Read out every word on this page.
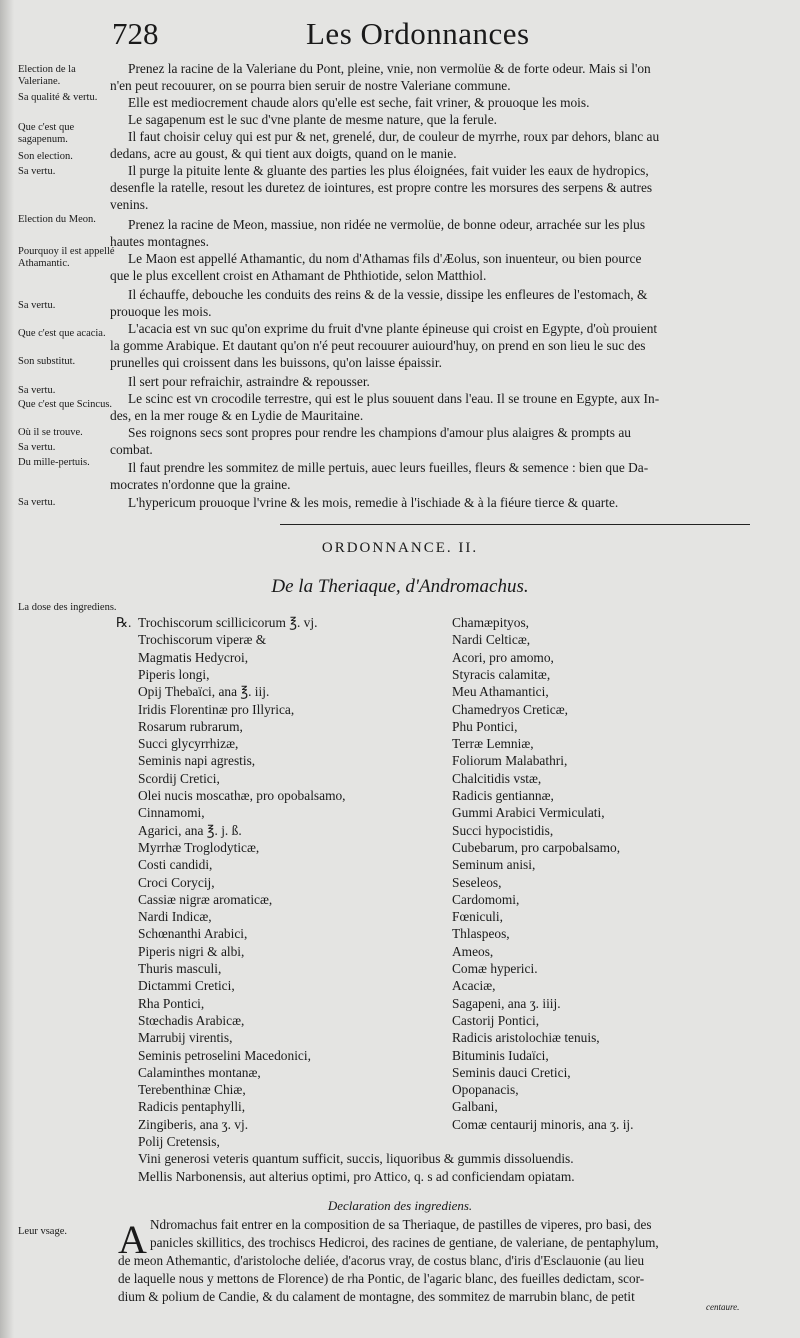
728	Les Ordonnances
Election de la Valeriane.
Sa qualité & vertu.
Que c'est que sagapenum.
Son election.
Sa vertu.
Election du Meon.
Pourquoy il est appellé Athamantic.
Sa vertu.
Que c'est que acacia.
Son substitut.
Sa vertu.
Que c'est que Scincus.
Où il se trouve.
Sa vertu.
Du mille-pertuis.
Sa vertu.
La dose des ingrediens.
Leur vsage.
Prenez la racine de la Valeriane du Pont, pleine, vnie, non vermolüe & de forte odeur. Mais si l'on
n'en peut recouurer, on se pourra bien seruir de nostre Valeriane commune.
Elle est mediocrement chaude alors qu'elle est seche, fait vriner, & prouoque les mois.
Le sagapenum est le suc d'vne plante de mesme nature, que la ferule.
Il faut choisir celuy qui est pur & net, grenelé, dur, de couleur de myrrhe, roux par dehors, blanc au
dedans, acre au goust, & qui tient aux doigts, quand on le manie.
Il purge la pituite lente & gluante des parties les plus éloignées, fait vuider les eaux de hydropics,
desenfle la ratelle, resout les duretez de iointures, est propre contre les morsures des serpens & autres
venins.
Prenez la racine de Meon, massiue, non ridée ne vermolüe, de bonne odeur, arrachée sur les plus
hautes montagnes.
Le Maon est appellé Athamantic, du nom d'Athamas fils d'Æolus, son inuenteur, ou bien pource
que le plus excellent croist en Athamant de Phthiotide, selon Matthiol.
Il échauffe, debouche les conduits des reins & de la vessie, dissipe les enfleures de l'estomach, &
prouoque les mois.
L'acacia est vn suc qu'on exprime du fruit d'vne plante épineuse qui croist en Egypte, d'où prouient
la gomme Arabique. Et dautant qu'on n'é peut recouurer auiourd'huy, on prend en son lieu le suc des
prunelles qui croissent dans les buissons, qu'on laisse épaissir.
Il sert pour refraichir, astraindre & repousser.
Le scinc est vn crocodile terrestre, qui est le plus souuent dans l'eau. Il se troune en Egypte, aux In-
des, en la mer rouge & en Lydie de Mauritaine.
Ses roignons secs sont propres pour rendre les champions d'amour plus alaigres & prompts au
combat.
Il faut prendre les sommitez de mille pertuis, auec leurs fueilles, fleurs & semence : bien que Da-
mocrates n'ordonne que la graine.
L'hypericum prouoque l'vrine & les mois, remedie à l'ischiade & à la fiéure tierce & quarte.
ORDONNANCE. II.
De la Theriaque, d'Andromachus.
℞. Trochiscorum scillicicorum ℥. vj.
Trochiscorum viperæ &
Magmatis Hedycroi,
Piperis longi,
Opij Thebaïci, ana ℥. iij.
Iridis Florentinæ pro Illyrica,
Rosarum rubrarum,
Succi glycyrrhizæ,
Seminis napi agrestis,
Scordij Cretici,
Olei nucis moscathæ, pro opobalsamo,
Cinnamomi,
Agarici, ana ℥. j. ß.
Myrrhæ Troglodyticæ,
Costi candidi,
Croci Corycij,
Cassiæ nigræ aromaticæ,
Nardi Indicæ,
Schœnanthi Arabici,
Piperis nigri & albi,
Thuris masculi,
Dictammi Cretici,
Rha Pontici,
Stœchadis Arabicæ,
Marrubij virentis,
Seminis petroselini Macedonici,
Calaminthes montanæ,
Terebenthinæ Chiæ,
Radicis pentaphylli,
Zingiberis, ana ʒ. vj.
Polij Cretensis,
Chamæpityos,
Nardi Celticæ,
Acori, pro amomo,
Styracis calamitæ,
Meu Athamantici,
Chamedryos Creticæ,
Phu Pontici,
Terræ Lemniæ,
Foliorum Malabathri,
Chalcitidis vstæ,
Radicis gentiannæ,
Gummi Arabici Vermiculati,
Succi hypocistidis,
Cubebarum, pro carpobalsamo,
Seminum anisi,
Seseleos,
Cardomomi,
Fœniculi,
Thlaspeos,
Ameos,
Comæ hyperici.
Acaciæ,
Sagapeni, ana ʒ. iiij.
Castorij Pontici,
Radicis aristolochiæ tenuis,
Bituminis Iudaïci,
Seminis dauci Cretici,
Opopanacis,
Galbani,
Comæ centaurij minoris, ana ʒ. ij.
Vini generosi veteris quantum sufficit, succis, liquoribus & gummis dissoluendis.
Mellis Narbonensis, aut alterius optimi, pro Attico, q. s ad conficiendam opiatam.
Declaration des ingrediens.
A Ndromachus fait entrer en la composition de sa Theriaque, de pastilles de viperes, pro basi, des
panicles skillitics, des trochiscs Hedicroi, des racines de gentiane, de valeriane, de pentaphylum,
de meon Athemantic, d'aristoloche deliée, d'acorus vray, de costus blanc, d'iris d'Esclauonie (au lieu
de laquelle nous y mettons de Florence) de rha Pontic, de l'agaric blanc, des fueilles dedictam, scor-
dium & polium de Candie, & du calament de montagne, des sommitez de marrubin blanc, de petit
centaure.
